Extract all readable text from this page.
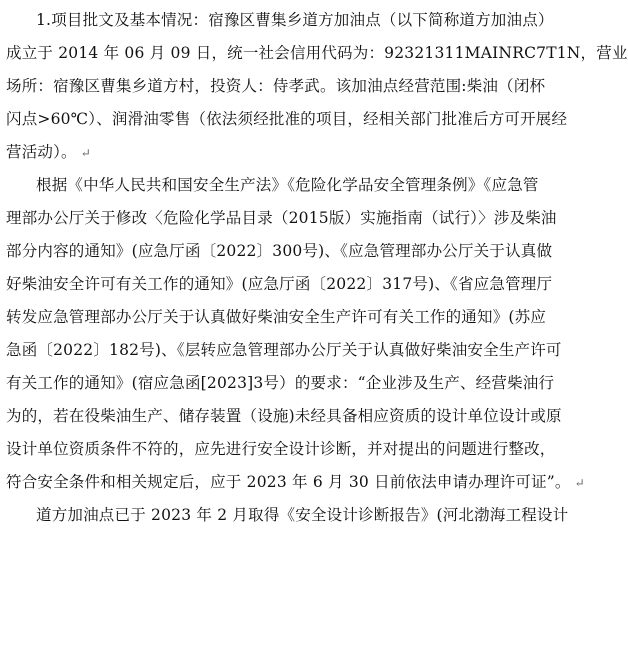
1.项目批文及基本情况：宿豫区曹集乡道方加油点（以下简称道方加油点）
成立于 2014 年 06 月 09 日，统一社会信用代码为：92321311MAINRC7T1N，营业
场所：宿豫区曹集乡道方村，投资人：侍孝武。该加油点经营范围:柴油（闭杯
闪点>60℃）、润滑油零售（依法须经批准的项目，经相关部门批准后方可开展经
营活动）。 ↵
根据《中华人民共和国安全生产法》《危险化学品安全管理条例》《应急管
理部办公厅关于修改〈危险化学品目录（2015版）实施指南（试行）〉涉及柴油
部分内容的通知》(应急厅函〔2022〕300号)、《应急管理部办公厅关于认真做
好柴油安全许可有关工作的通知》(应急厅函〔2022〕317号)、《省应急管理厅
转发应急管理部办公厅关于认真做好柴油安全生产许可有关工作的通知》(苏应
急函〔2022〕182号)、《层转应急管理部办公厅关于认真做好柴油安全生产许可
有关工作的通知》(宿应急函[2023]3号）的要求：“企业涉及生产、经营柴油行
为的，若在役柴油生产、储存装置（设施)未经具备相应资质的设计单位设计或原
设计单位资质条件不符的，应先进行安全设计诊断，并对提出的问题进行整改，
符合安全条件和相关规定后，应于 2023 年 6 月 30 日前依法申请办理许可证”。 ↵
道方加油点已于 2023 年 2 月取得《安全设计诊断报告》(河北渤海工程设计
